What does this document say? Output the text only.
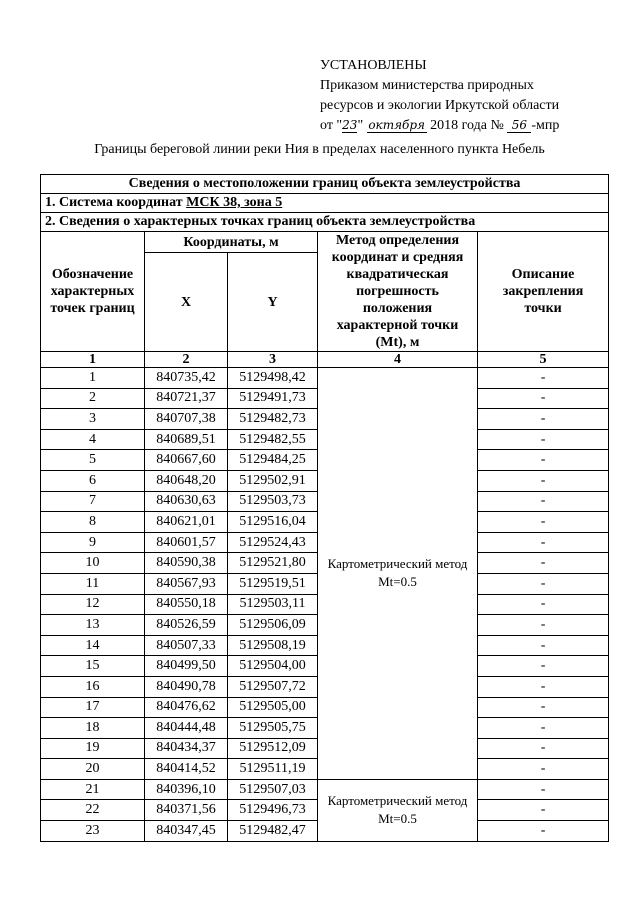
УСТАНОВЛЕНЫ
Приказом министерства природных
ресурсов и экологии Иркутской области
от "23" октября 2018 года № 56 -мпр
Границы береговой линии реки Ния в пределах населенного пункта Небель
Сведения о местоположении границ объекта землеустройства				
1. Система координат МСК 38, зона 5				
2. Сведения о характерных точках границ объекта землеустройства				
Обозначение характерных точек границ	Координаты, м		Метод определения координат и средняя квадратическая погрешность положения характерной точки (Mt), м	Описание закрепления точки
	X	Y		
1	2	3	4	5
1	840735,42	5129498,42	Картометрический метод Mt=0.5	-
2	840721,37	5129491,73		-
3	840707,38	5129482,73		-
4	840689,51	5129482,55		-
5	840667,60	5129484,25		-
6	840648,20	5129502,91		-
7	840630,63	5129503,73		-
8	840621,01	5129516,04		-
9	840601,57	5129524,43		-
10	840590,38	5129521,80		-
11	840567,93	5129519,51		-
12	840550,18	5129503,11		-
13	840526,59	5129506,09		-
14	840507,33	5129508,19		-
15	840499,50	5129504,00		-
16	840490,78	5129507,72		-
17	840476,62	5129505,00		-
18	840444,48	5129505,75		-
19	840434,37	5129512,09		-
20	840414,52	5129511,19		-
21	840396,10	5129507,03	Картометрический метод Mt=0.5	-
22	840371,56	5129496,73		-
23	840347,45	5129482,47		-
